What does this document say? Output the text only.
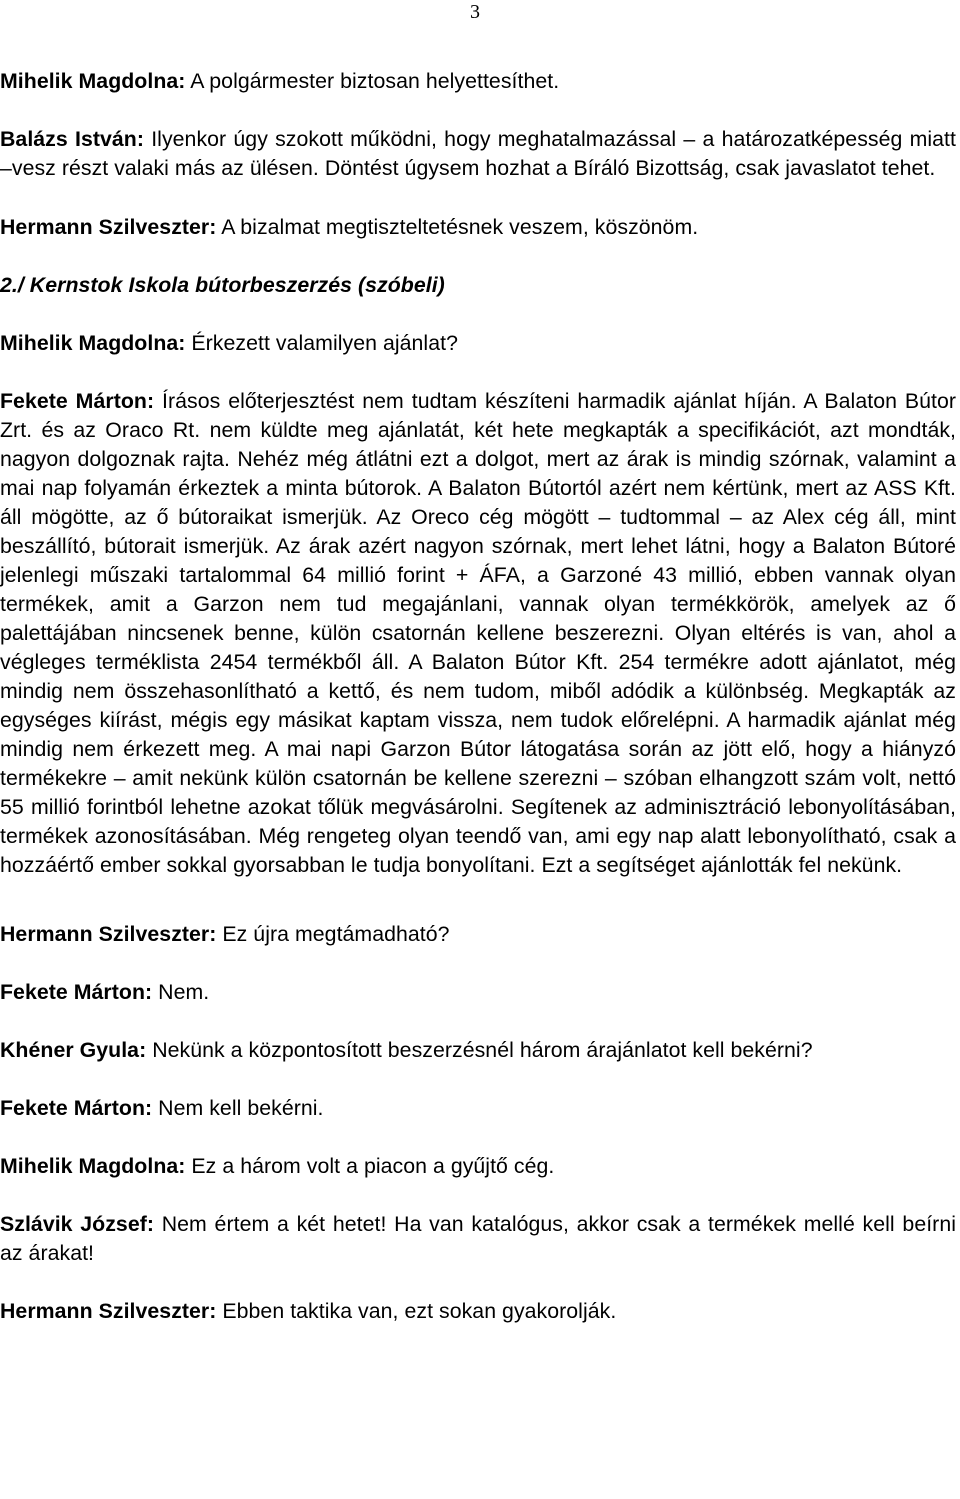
3

Mihelik Magdolna: A polgármester biztosan helyettesíthet.

Balázs István: Ilyenkor úgy szokott működni, hogy meghatalmazással – a határozatképesség miatt –vesz részt valaki más az ülésen. Döntést úgysem hozhat a Bíráló Bizottság, csak javaslatot tehet.

Hermann Szilveszter: A bizalmat megtiszteltetésnek veszem, köszönöm.

2./ Kernstok Iskola bútorbeszerzés (szóbeli)

Mihelik Magdolna: Érkezett valamilyen ajánlat?

Fekete Márton: Írásos előterjesztést nem tudtam készíteni harmadik ajánlat híján. A Balaton Bútor Zrt. és az Oraco Rt. nem küldte meg ajánlatát, két hete megkapták a specifikációt, azt mondták, nagyon dolgoznak rajta. Nehéz még átlátni ezt a dolgot, mert az árak is mindig szórnak, valamint a mai nap folyamán érkeztek a minta bútorok. A Balaton Bútortól azért nem kértünk, mert az ASS Kft. áll mögötte, az ő bútoraikat ismerjük. Az Oreco cég mögött – tudtommal – az Alex cég áll, mint beszállító, bútorait ismerjük. Az árak azért nagyon szórnak, mert lehet látni, hogy a Balaton Bútoré jelenlegi műszaki tartalommal 64 millió forint + ÁFA, a Garzoné 43 millió, ebben vannak olyan termékek, amit a Garzon nem tud megajánlani, vannak olyan termékkörök, amelyek az ő palettájában nincsenek benne, külön csatornán kellene beszerezni. Olyan eltérés is van, ahol a végleges terméklista 2454 termékből áll. A Balaton Bútor Kft. 254 termékre adott ajánlatot, még mindig nem összehasonlítható a kettő, és nem tudom, miből adódik a különbség. Megkapták az egységes kiírást, mégis egy másikat kaptam vissza, nem tudok előrelépni. A harmadik ajánlat még mindig nem érkezett meg. A mai napi Garzon Bútor látogatása során az jött elő, hogy a hiányzó termékekre – amit nekünk külön csatornán be kellene szerezni – szóban elhangzott szám volt, nettó 55 millió forintból lehetne azokat tőlük megvásárolni. Segítenek az adminisztráció lebonyolításában, termékek azonosításában. Még rengeteg olyan teendő van, ami egy nap alatt lebonyolítható, csak a hozzáértő ember sokkal gyorsabban le tudja bonyolítani. Ezt a segítséget ajánlották fel nekünk.

Hermann Szilveszter: Ez újra megtámadható?

Fekete Márton: Nem.

Khéner Gyula: Nekünk a központosított beszerzésnél három árajánlatot kell bekérni?

Fekete Márton: Nem kell bekérni.

Mihelik Magdolna: Ez a három volt a piacon a gyűjtő cég.

Szlávik József: Nem értem a két hetet! Ha van katalógus, akkor csak a termékek mellé kell beírni az árakat!

Hermann Szilveszter: Ebben taktika van, ezt sokan gyakorolják.
